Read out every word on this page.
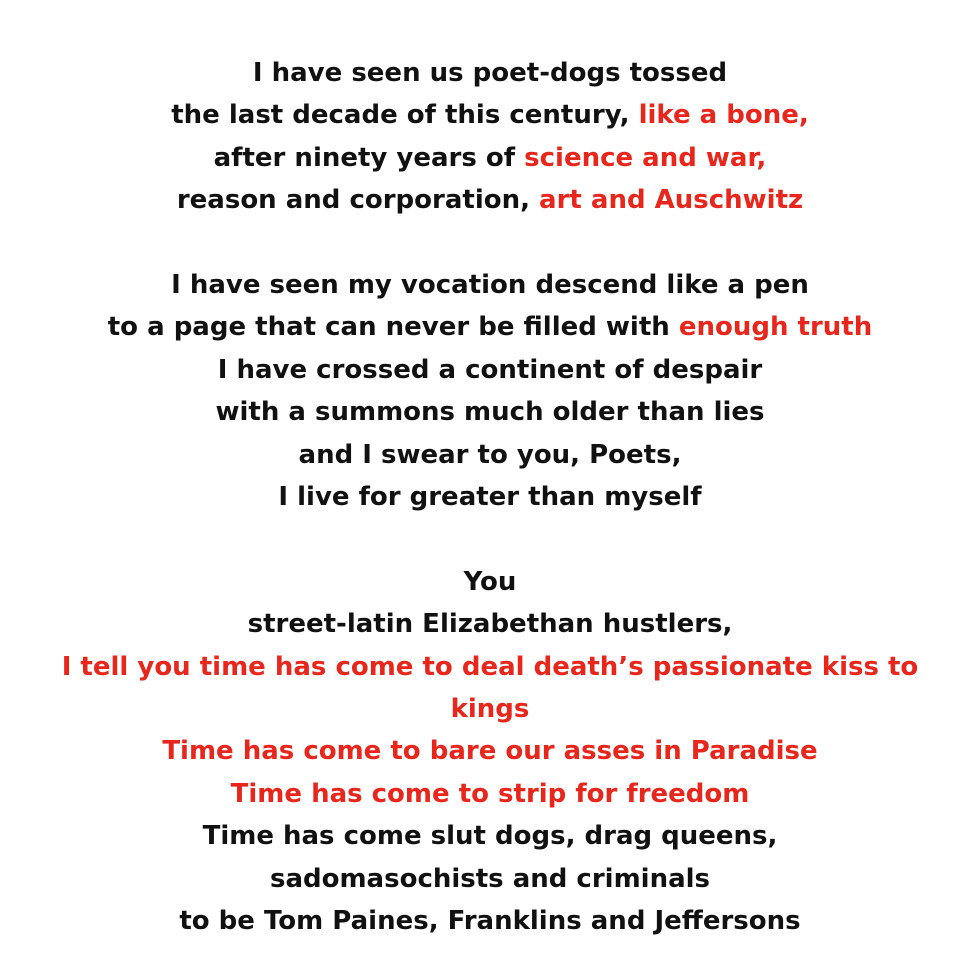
I have seen us poet-dogs tossed
the last decade of this century, like a bone,
after ninety years of science and war,
reason and corporation, art and Auschwitz
I have seen my vocation descend like a pen
to a page that can never be filled with enough truth
I have crossed a continent of despair
with a summons much older than lies
and I swear to you, Poets,
I live for greater than myself
You
street-latin Elizabethan hustlers,
I tell you time has come to deal death’s passionate kiss to kings
Time has come to bare our asses in Paradise
Time has come to strip for freedom
Time has come slut dogs, drag queens,
sadomasochists and criminals
to be Tom Paines, Franklins and Jeffersons
